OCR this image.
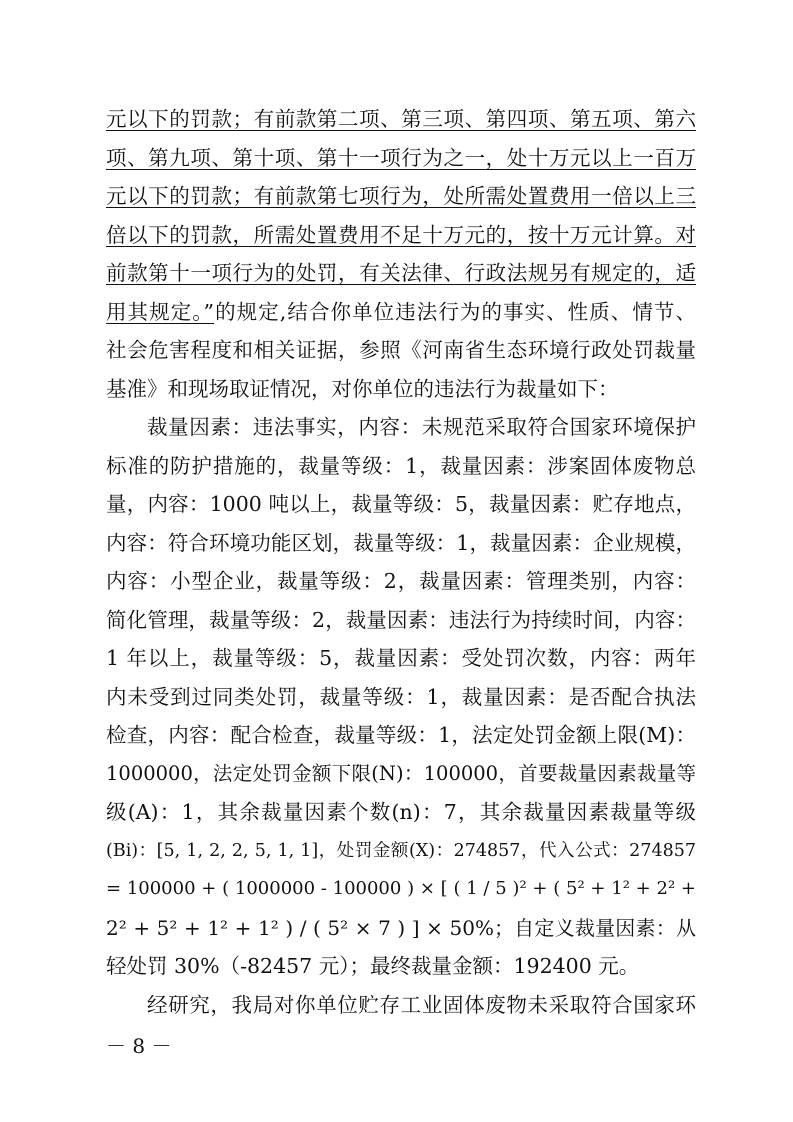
元以下的罚款；有前款第二项、第三项、第四项、第五项、第六
项、第九项、第十项、第十一项行为之一，处十万元以上一百万
元以下的罚款；有前款第七项行为，处所需处置费用一倍以上三
倍以下的罚款，所需处置费用不足十万元的，按十万元计算。对
前款第十一项行为的处罚，有关法律、行政法规另有规定的，适
用其规定。”的规定,结合你单位违法行为的事实、性质、情节、
社会危害程度和相关证据，参照《河南省生态环境行政处罚裁量
基准》和现场取证情况，对你单位的违法行为裁量如下：
裁量因素：违法事实，内容：未规范采取符合国家环境保护
标准的防护措施的，裁量等级：1，裁量因素：涉案固体废物总
量，内容：1000 吨以上，裁量等级：5，裁量因素：贮存地点，
内容：符合环境功能区划，裁量等级：1，裁量因素：企业规模，
内容：小型企业，裁量等级：2，裁量因素：管理类别，内容：
简化管理，裁量等级：2，裁量因素：违法行为持续时间，内容：
1 年以上，裁量等级：5，裁量因素：受处罚次数，内容：两年
内未受到过同类处罚，裁量等级：1，裁量因素：是否配合执法
检查，内容：配合检查，裁量等级：1，法定处罚金额上限(M)：
1000000，法定处罚金额下限(N)：100000，首要裁量因素裁量等
级(A)：1，其余裁量因素个数(n)：7，其余裁量因素裁量等级
(Bi)：[5, 1, 2, 2, 5, 1, 1]，处罚金额(X)：274857，代入公式：274857
= 100000 + ( 1000000 - 100000 ) × [ ( 1 / 5 )² + ( 5² + 1² + 2² +
2² + 5² + 1² + 1² ) / ( 5² × 7 ) ] × 50%；自定义裁量因素：从
轻处罚 30%（-82457 元）；最终裁量金额：192400 元。
经研究，我局对你单位贮存工业固体废物未采取符合国家环
－ 8 －
